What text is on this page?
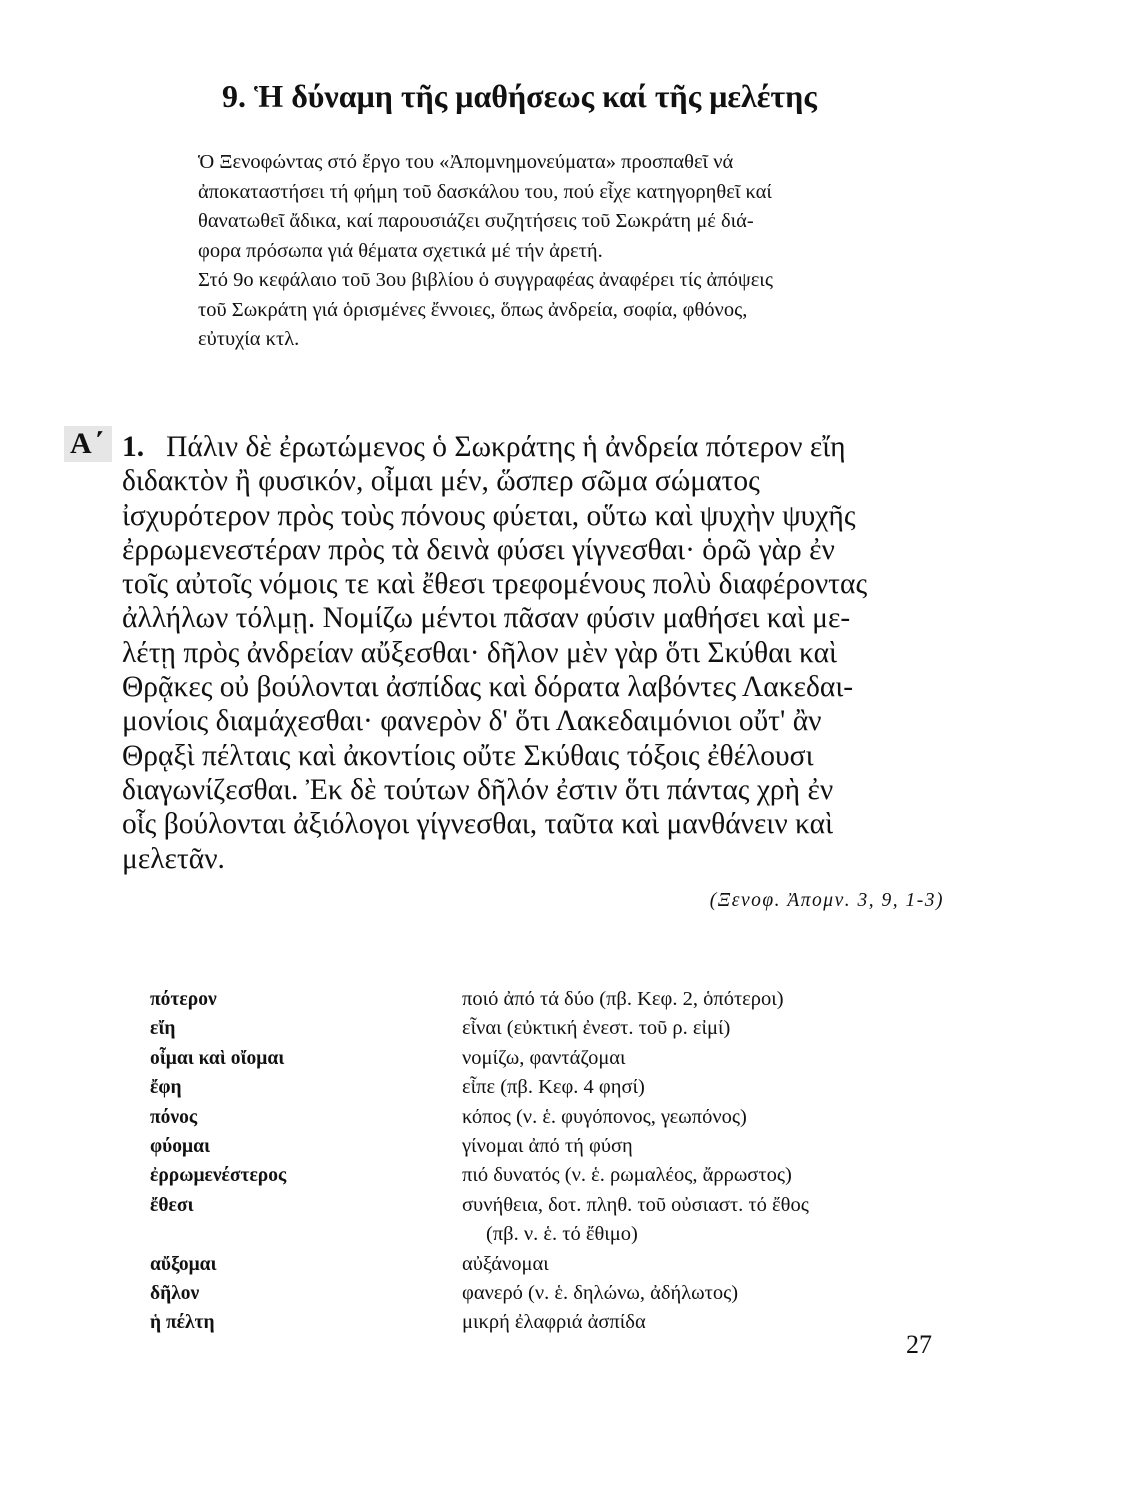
9. Ἡ δύναμη τῆς μαθήσεως καί τῆς μελέτης
Ὁ Ξενοφώντας στό ἔργο του «Ἀπομνημονεύματα» προσπαθεῖ νά
ἀποκαταστήσει τή φήμη τοῦ δασκάλου του, πού εἶχε κατηγορηθεῖ καί
θανατωθεῖ ἄδικα, καί παρουσιάζει συζητήσεις τοῦ Σωκράτη μέ διά-
φορα πρόσωπα γιά θέματα σχετικά μέ τήν ἀρετή.
Στό 9ο κεφάλαιο τοῦ 3ου βιβλίου ὁ συγγραφέας ἀναφέρει τίς ἀπόψεις
τοῦ Σωκράτη γιά ὁρισμένες ἔννοιες, ὅπως ἀνδρεία, σοφία, φθόνος,
εὐτυχία κτλ.
Α΄ 1. Πάλιν δὲ ἐρωτώμενος ὁ Σωκράτης ἡ ἀνδρεία πότερον εἴη
διδακτὸν ἢ φυσικόν, οἶμαι μέν, ὥσπερ σῶμα σώματος
ἰσχυρότερον πρὸς τοὺς πόνους φύεται, οὕτω καὶ ψυχὴν ψυχῆς
ἐρρωμενεστέραν πρὸς τὰ δεινὰ φύσει γίγνεσθαι· ὁρῶ γὰρ ἐν
τοῖς αὐτοῖς νόμοις τε καὶ ἔθεσι τρεφομένους πολὺ διαφέροντας
ἀλλήλων τόλμῃ. Νομίζω μέντοι πᾶσαν φύσιν μαθήσει καὶ με-
λέτῃ πρὸς ἀνδρείαν αὔξεσθαι· δῆλον μὲν γὰρ ὅτι Σκύθαι καὶ
Θρᾷκες οὐ βούλονται ἀσπίδας καὶ δόρατα λαβόντες Λακεδαι-
μονίοις διαμάχεσθαι· φανερὸν δ' ὅτι Λακεδαιμόνιοι οὔτ' ἂν
Θρᾳξὶ πέλταις καὶ ἀκοντίοις οὔτε Σκύθαις τόξοις ἐθέλουσι
διαγωνίζεσθαι. Ἐκ δὲ τούτων δῆλόν ἐστιν ὅτι πάντας χρὴ ἐν
οἷς βούλονται ἀξιόλογοι γίγνεσθαι, ταῦτα καὶ μανθάνειν καὶ
μελετᾶν.
(Ξενοφ. Ἀπομν. 3, 9, 1-3)
πότερον	ποιό ἀπό τά δύο (πβ. Κεφ. 2, ὁπότεροι)
εἴη	εἶναι (εὐκτική ἐνεστ. τοῦ ρ. εἰμί)
οἶμαι καὶ οἴομαι	νομίζω, φαντάζομαι
ἔφη	εἶπε (πβ. Κεφ. 4 φησί)
πόνος	κόπος (ν. ἑ. φυγόπονος, γεωπόνος)
φύομαι	γίνομαι ἀπό τή φύση
ἐρρωμενέστερος	πιό δυνατός (ν. ἑ. ρωμαλέος, ἄρρωστος)
ἔθεσι	συνήθεια, δοτ. πληθ. τοῦ οὐσιαστ. τό ἔθος
(πβ. ν. ἑ. τό ἔθιμο)
αὔξομαι	αὐξάνομαι
δῆλον	φανερό (ν. ἑ. δηλώνω, ἀδήλωτος)
ἡ πέλτη	μικρή ἐλαφριά ἀσπίδα
27
